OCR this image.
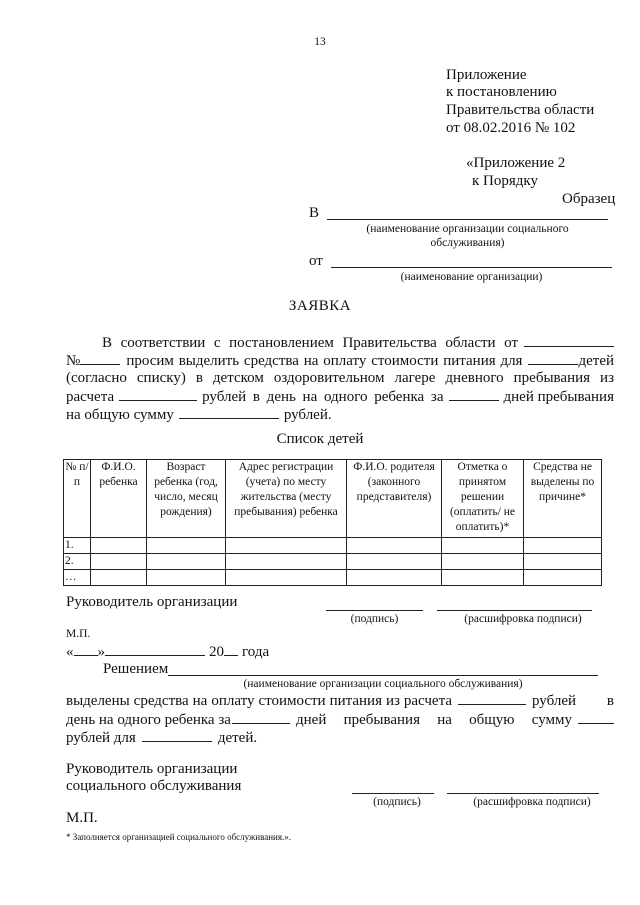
13
Приложение
к постановлению
Правительства области
от 08.02.2016 № 102
«Приложение 2
к Порядку
Образец
В
(наименование организации социального
обслуживания)
от
(наименование организации)
ЗАЯВКА
В соответствии с постановлением Правительства области от
№	просим выделить средства на оплату стоимости питания для	детей
(согласно списку) в детском оздоровительном лагере дневного пребывания из
расчета	рублей в день на одного ребенка за	дней пребывания
на общую сумму	рублей.
Список детей
№ п/п	Ф.И.О. ребенка	Возраст ребенка (год, число, месяц рождения)	Адрес регистрации (учета) по месту жительства (месту пребывания) ребенка	Ф.И.О. родителя (законного представителя)	Отметка о принятом решении (оплатить/ не оплатить)*	Средства не выделены по причине*
1.						
2.						
…						
Руководитель организации
(подпись)	(расшифровка подписи)
М.П.
« »	20 года
Решением
(наименование организации социального обслуживания)
выделены средства на оплату стоимости питания из расчета	рублей в
день на одного ребенка за	дней пребывания на общую сумму
рублей для	детей.
Руководитель организации
социального обслуживания
(подпись)	(расшифровка подписи)
М.П.
* Заполняется организацией социального обслуживания.».
